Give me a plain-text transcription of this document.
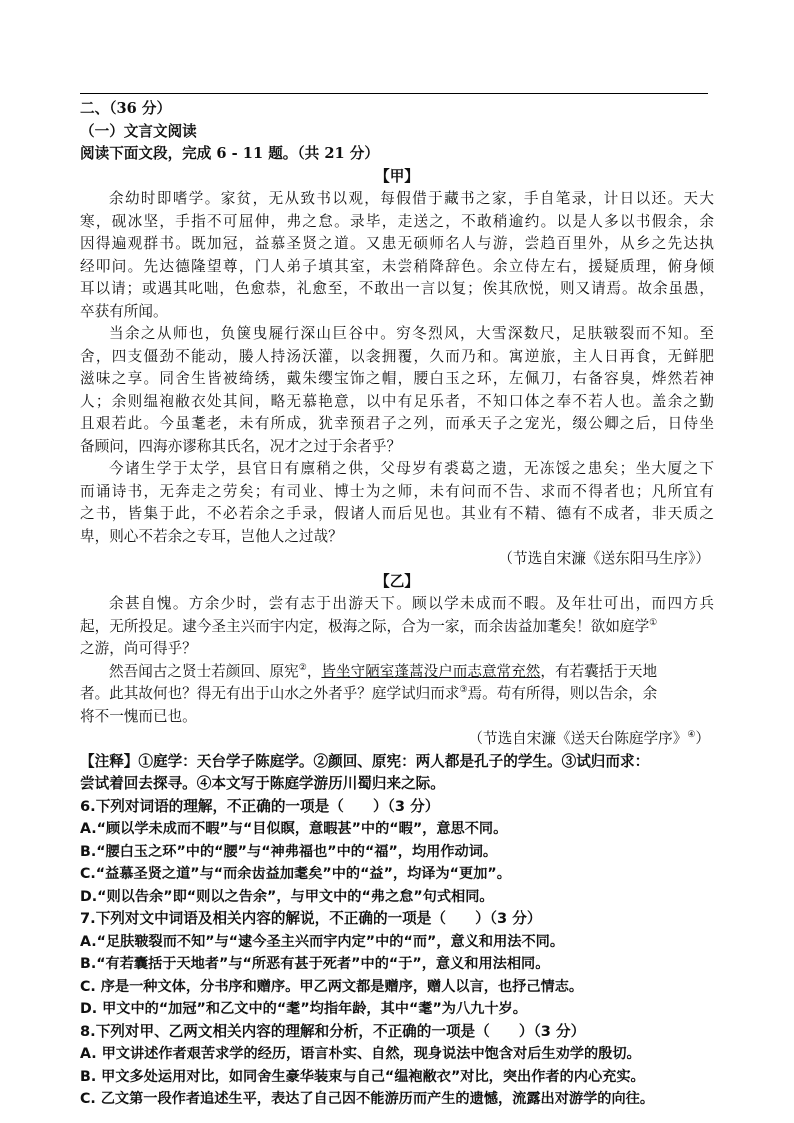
二、（36 分）
（一）文言文阅读
阅读下面文段，完成 6 - 11 题。（共 21 分）
【甲】
余幼时即嗜学。家贫，无从致书以观，每假借于藏书之家，手自笔录，计日以还。天大
寒，砚冰坚，手指不可屈伸，弗之怠。录毕，走送之，不敢稍逾约。以是人多以书假余，余
因得遍观群书。既加冠，益慕圣贤之道。又患无硕师名人与游，尝趋百里外，从乡之先达执
经叩问。先达德隆望尊，门人弟子填其室，未尝稍降辞色。余立侍左右，援疑质理，俯身倾
耳以请；或遇其叱咄，色愈恭，礼愈至，不敢出一言以复；俟其欣悦，则又请焉。故余虽愚，
卒获有所闻。
当余之从师也，负箧曳屣行深山巨谷中。穷冬烈风，大雪深数尺，足肤皲裂而不知。至
舍，四支僵劲不能动，媵人持汤沃灌，以衾拥覆，久而乃和。寓逆旅，主人日再食，无鲜肥
滋味之享。同舍生皆被绮绣，戴朱缨宝饰之帽，腰白玉之环，左佩刀，右备容臭，烨然若神
人；余则缊袍敝衣处其间，略无慕艳意，以中有足乐者，不知口体之奉不若人也。盖余之勤
且艰若此。今虽耄老，未有所成，犹幸预君子之列，而承天子之宠光，缀公卿之后，日侍坐
备顾问，四海亦谬称其氏名，况才之过于余者乎？
今诸生学于太学，县官日有廪稍之供，父母岁有裘葛之遗，无冻馁之患矣；坐大厦之下
而诵诗书，无奔走之劳矣；有司业、博士为之师，未有问而不告、求而不得者也；凡所宜有
之书，皆集于此，不必若余之手录，假诸人而后见也。其业有不精、德有不成者，非天质之
卑，则心不若余之专耳，岂他人之过哉？
（节选自宋濂《送东阳马生序》）
【乙】
余甚自愧。方余少时，尝有志于出游天下。顾以学未成而不暇。及年壮可出，而四方兵
起，无所投足。逮今圣主兴而宇内定，极海之际，合为一家，而余齿益加耄矣！欲如庭学①
之游，尚可得乎？
然吾闻古之贤士若颜回、原宪②，皆坐守陋室蓬蒿没户而志意常充然，有若囊括于天地
者。此其故何也？得无有出于山水之外者乎？庭学试归而求③焉。苟有所得，则以告余，余
将不一愧而已也。
（节选自宋濂《送天台陈庭学序》④）
【注释】①庭学：天台学子陈庭学。②颜回、原宪：两人都是孔子的学生。③试归而求：
尝试着回去探寻。④本文写于陈庭学游历川蜀归来之际。
6.下列对词语的理解，不正确的一项是（　　）（3 分）
A.“顾以学未成而不暇”与“目似瞑，意暇甚”中的“暇”，意思不同。
B.“腰白玉之环”中的“腰”与“神弗福也”中的“福”，均用作动词。
C.“益慕圣贤之道”与“而余齿益加耄矣”中的“益”，均译为“更加”。
D.“则以告余”即“则以之告余”，与甲文中的“弗之怠”句式相同。
7.下列对文中词语及相关内容的解说，不正确的一项是（　　）（3 分）
A.“足肤皲裂而不知”与“逮今圣主兴而宇内定”中的“而”，意义和用法不同。
B.“有若囊括于天地者”与“所恶有甚于死者”中的“于”，意义和用法相同。
C. 序是一种文体，分书序和赠序。甲乙两文都是赠序，赠人以言，也抒己情志。
D. 甲文中的“加冠”和乙文中的“耄”均指年龄，其中“耄”为八九十岁。
8.下列对甲、乙两文相关内容的理解和分析，不正确的一项是（　　）（3 分）
A. 甲文讲述作者艰苦求学的经历，语言朴实、自然，现身说法中饱含对后生劝学的殷切。
B. 甲文多处运用对比，如同舍生豪华装束与自己“缊袍敝衣”对比，突出作者的内心充实。
C. 乙文第一段作者追述生平，表达了自己因不能游历而产生的遗憾，流露出对游学的向往。
